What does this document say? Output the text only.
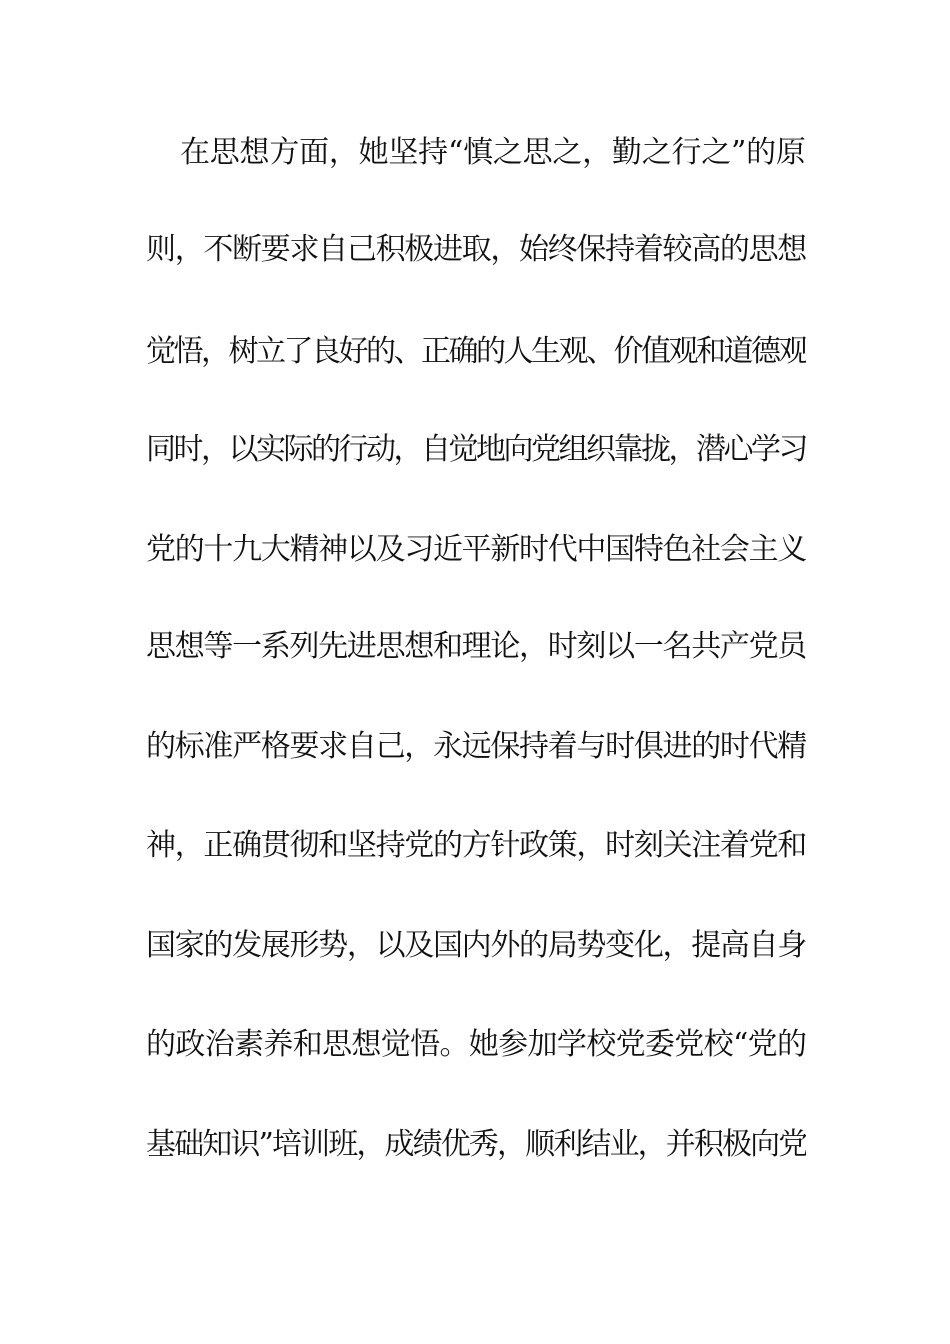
在思想方面，她坚持“慎之思之，勤之行之”的原
则，不断要求自己积极进取，始终保持着较高的思想
觉悟，树立了良好的、正确的人生观、价值观和道德观
同时，以实际的行动，自觉地向党组织靠拢，潜心学习
党的十九大精神以及习近平新时代中国特色社会主义
思想等一系列先进思想和理论，时刻以一名共产党员
的标准严格要求自己，永远保持着与时俱进的时代精
神，正确贯彻和坚持党的方针政策，时刻关注着党和
国家的发展形势，以及国内外的局势变化，提高自身
的政治素养和思想觉悟。她参加学校党委党校“党的
基础知识”培训班，成绩优秀，顺利结业，并积极向党
